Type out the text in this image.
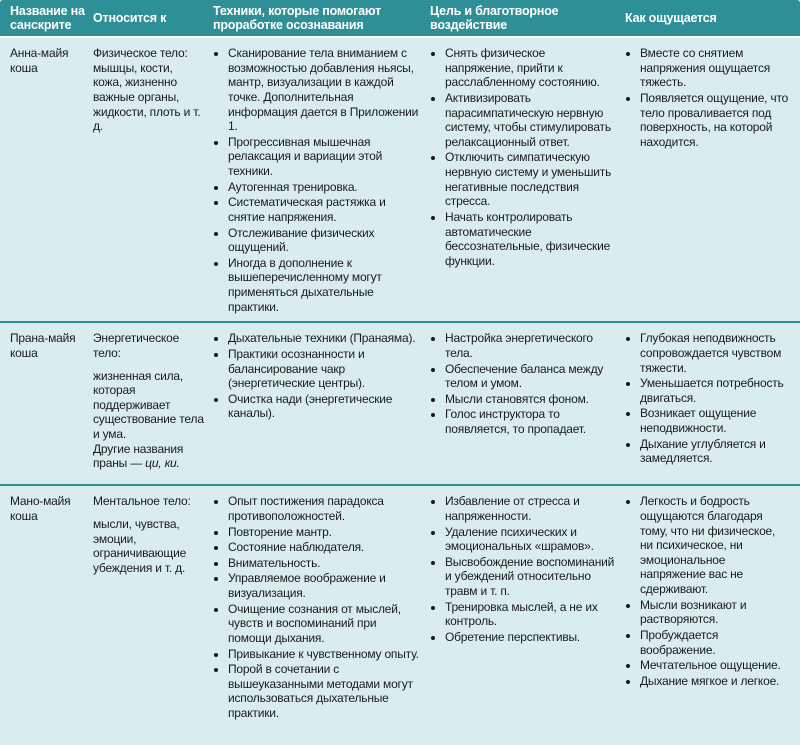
Название на санскрите
Относится к
Техники, которые помогают проработке осознавания
Цель и благотворное воздействие
Как ощущается
Анна-майя коша

Физическое тело: мышцы, кости, кожа, жизненно важные органы, жидкости, плоть и т. д.

• Сканирование тела вниманием с возможностью добавления ньясы, мантр, визуализации в каждой точке. Дополнительная информация дается в Приложении 1.
• Прогрессивная мышечная релаксация и вариации этой техники.
• Аутогенная тренировка.
• Систематическая растяжка и снятие напряжения.
• Отслеживание физических ощущений.
• Иногда в дополнение к вышеперечисленному могут применяться дыхательные практики.
• Снять физическое напряжение, прийти к расслабленному состоянию.
• Активизировать парасимпатическую нервную систему, чтобы стимулировать релаксационный ответ.
• Отключить симпатическую нервную систему и уменьшить негативные последствия стресса.
• Начать контролировать автоматические бессознательные, физические функции.
• Вместе со снятием напряжения ощущается тяжесть.
• Появляется ощущение, что тело проваливается под поверхность, на которой находится.
Прана-майя коша

Энергетическое тело:

жизненная сила, которая поддерживает существование тела и ума.

Другие названия праны — ци, ки.

• Дыхательные техники (Пранаяма).
• Практики осознанности и балансирование чакр (энергетические центры).
• Очистка нади (энергетические каналы).
• Настройка энергетического тела.
• Обеспечение баланса между телом и умом.
• Мысли становятся фоном.
• Голос инструктора то появляется, то пропадает.
• Глубокая неподвижность сопровождается чувством тяжести.
• Уменьшается потребность двигаться.
• Возникает ощущение неподвижности.
• Дыхание углубляется и замедляется.
Мано-майя коша

Ментальное тело:

мысли, чувства, эмоции, ограничивающие убеждения и т. д.

• Опыт постижения парадокса противоположностей.
• Повторение мантр.
• Состояние наблюдателя.
• Внимательность.
• Управляемое воображение и визуализация.
• Очищение сознания от мыслей, чувств и воспоминаний при помощи дыхания.
• Привыкание к чувственному опыту.
• Порой в сочетании с вышеуказанными методами могут использоваться дыхательные практики.
• Избавление от стресса и напряженности.
• Удаление психических и эмоциональных «шрамов».
• Высвобождение воспоминаний и убеждений относительно травм и т. п.
• Тренировка мыслей, а не их контроль.
• Обретение перспективы.
• Легкость и бодрость ощущаются благодаря тому, что ни физическое, ни психическое, ни эмоциональное напряжение вас не сдерживают.
• Мысли возникают и растворяются.
• Пробуждается воображение.
• Мечтательное ощущение.
• Дыхание мягкое и легкое.
